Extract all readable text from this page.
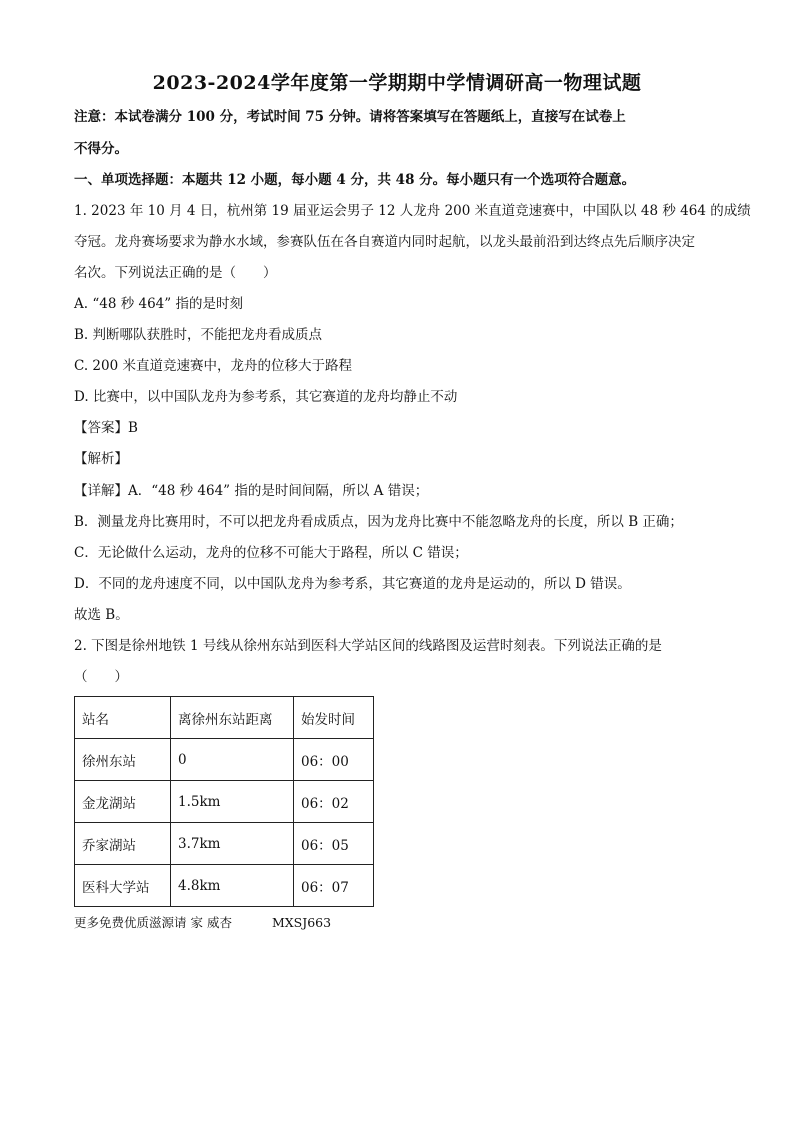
2023-2024学年度第一学期期中学情调研高一物理试题
注意：本试卷满分 100 分，考试时间 75 分钟。请将答案填写在答题纸上，直接写在试卷上
不得分。
一、单项选择题：本题共 12 小题，每小题 4 分，共 48 分。每小题只有一个选项符合题意。
1. 2023 年 10 月 4 日，杭州第 19 届亚运会男子 12 人龙舟 200 米直道竞速赛中，中国队以 48 秒 464 的成绩
夺冠。龙舟赛场要求为静水水域，参赛队伍在各自赛道内同时起航，以龙头最前沿到达终点先后顺序决定
名次。下列说法正确的是（　　）
A. “48 秒 464” 指的是时刻
B. 判断哪队获胜时，不能把龙舟看成质点
C. 200 米直道竞速赛中，龙舟的位移大于路程
D. 比赛中，以中国队龙舟为参考系，其它赛道的龙舟均静止不动
【答案】B
【解析】
【详解】A．“48 秒 464” 指的是时间间隔，所以 A 错误；
B．测量龙舟比赛用时，不可以把龙舟看成质点，因为龙舟比赛中不能忽略龙舟的长度，所以 B 正确；
C．无论做什么运动，龙舟的位移不可能大于路程，所以 C 错误；
D．不同的龙舟速度不同，以中国队龙舟为参考系，其它赛道的龙舟是运动的，所以 D 错误。
故选 B。
2. 下图是徐州地铁 1 号线从徐州东站到医科大学站区间的线路图及运营时刻表。下列说法正确的是
（　　）
站名	离徐州东站距离	始发时间
徐州东站	0	06：00
金龙湖站	1.5km	06：02
乔家湖站	3.7km	06：05
医科大学站	4.8km	06：07
更多免费优质滋源请 家 威杏	MXSJ663
